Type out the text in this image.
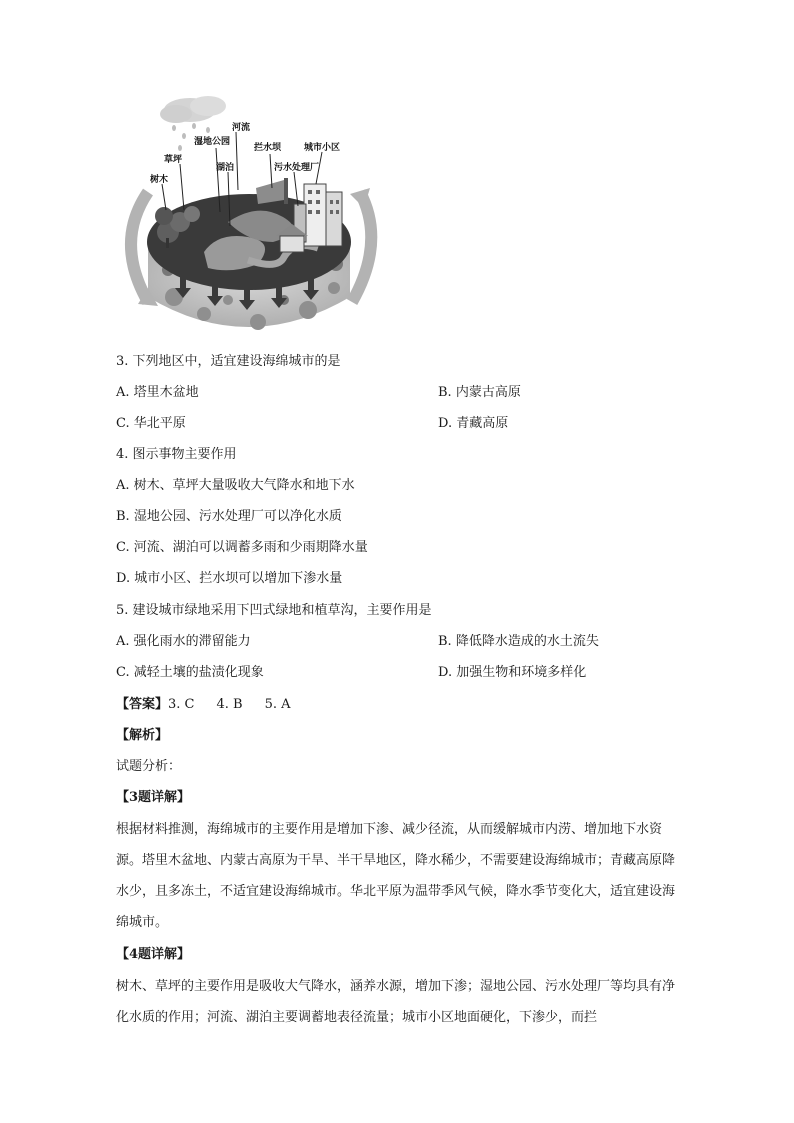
树木
草坪
湿地公园
河流
湖泊
拦水坝
污水处理厂
城市小区
3. 下列地区中，适宜建设海绵城市的是
A. 塔里木盆地	B. 内蒙古高原
C. 华北平原	D. 青藏高原
4. 图示事物主要作用
A. 树木、草坪大量吸收大气降水和地下水
B. 湿地公园、污水处理厂可以净化水质
C. 河流、湖泊可以调蓄多雨和少雨期降水量
D. 城市小区、拦水坝可以增加下渗水量
5. 建设城市绿地采用下凹式绿地和植草沟，主要作用是
A. 强化雨水的滞留能力	B. 降低降水造成的水土流失
C. 减轻土壤的盐渍化现象	D. 加强生物和环境多样化
【答案】3. C 4. B 5. A
【解析】
试题分析：
【3题详解】
根据材料推测，海绵城市的主要作用是增加下渗、减少径流，从而缓解城市内涝、增加地下水资源。塔里木盆地、内蒙古高原为干旱、半干旱地区，降水稀少，不需要建设海绵城市；青藏高原降水少，且多冻土，不适宜建设海绵城市。华北平原为温带季风气候，降水季节变化大，适宜建设海绵城市。
【4题详解】
树木、草坪的主要作用是吸收大气降水，涵养水源，增加下渗；湿地公园、污水处理厂等均具有净化水质的作用；河流、湖泊主要调蓄地表径流量；城市小区地面硬化，下渗少，而拦
